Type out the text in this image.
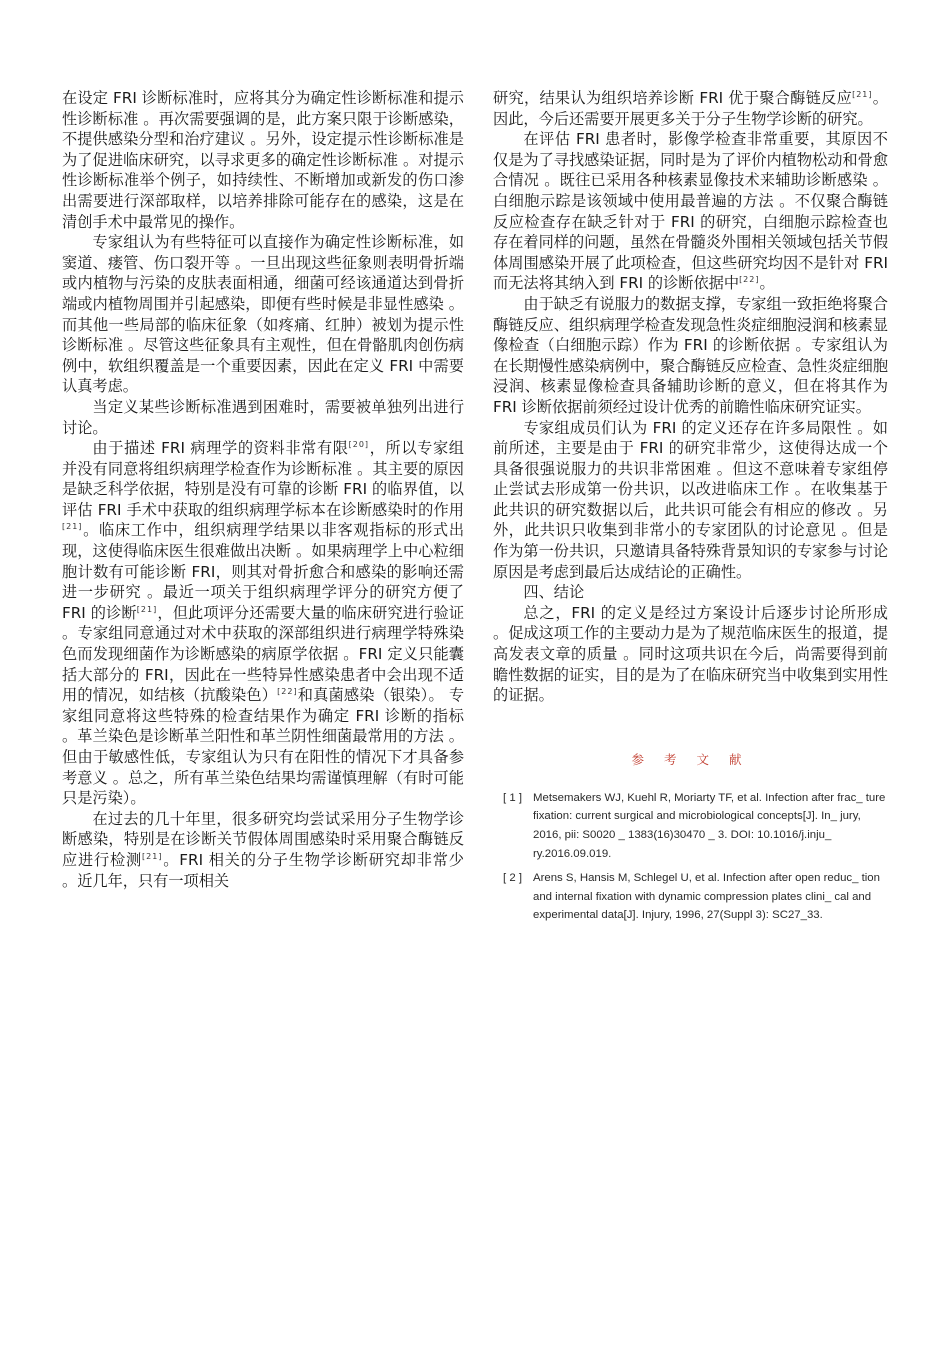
在设定 FRI 诊断标准时，应将其分为确定性诊断标准和提示性诊断标准 。再次需要强调的是，此方案只限于诊断感染，不提供感染分型和治疗建议 。另外，设定提示性诊断标准是为了促进临床研究，以寻求更多的确定性诊断标准 。对提示性诊断标准举个例子，如持续性、不断增加或新发的伤口渗出需要进行深部取样，以培养排除可能存在的感染，这是在清创手术中最常见的操作。

专家组认为有些特征可以直接作为确定性诊断标准，如窦道、瘘管、伤口裂开等 。一旦出现这些征象则表明骨折端或内植物与污染的皮肤表面相通，细菌可经该通道达到骨折端或内植物周围并引起感染，即便有些时候是非显性感染 。而其他一些局部的临床征象（如疼痛、红肿）被划为提示性诊断标准 。尽管这些征象具有主观性，但在骨骼肌肉创伤病例中，软组织覆盖是一个重要因素，因此在定义 FRI 中需要认真考虑。

当定义某些诊断标准遇到困难时，需要被单独列出进行讨论。

由于描述 FRI 病理学的资料非常有限[20]，所以专家组并没有同意将组织病理学检查作为诊断标准 。其主要的原因是缺乏科学依据，特别是没有可靠的诊断 FRI 的临界值，以评估 FRI 手术中获取的组织病理学标本在诊断感染时的作用[21]。临床工作中，组织病理学结果以非客观指标的形式出现，这使得临床医生很难做出决断 。如果病理学上中心粒细胞计数有可能诊断 FRI，则其对骨折愈合和感染的影响还需进一步研究 。最近一项关于组织病理学评分的研究方便了 FRI 的诊断[21]，但此项评分还需要大量的临床研究进行验证 。专家组同意通过对术中获取的深部组织进行病理学特殊染色而发现细菌作为诊断感染的病原学依据 。FRI 定义只能囊括大部分的 FRI，因此在一些特异性感染患者中会出现不适用的情况，如结核（抗酸染色）[22]和真菌感染（银染）。 专家组同意将这些特殊的检查结果作为确定 FRI 诊断的指标 。革兰染色是诊断革兰阳性和革兰阴性细菌最常用的方法 。但由于敏感性低，专家组认为只有在阳性的情况下才具备参考意义 。总之，所有革兰染色结果均需谨慎理解（有时可能只是污染）。

在过去的几十年里，很多研究均尝试采用分子生物学诊断感染，特别是在诊断关节假体周围感染时采用聚合酶链反应进行检测[21]。FRI 相关的分子生物学诊断研究却非常少 。近几年，只有一项相关

研究，结果认为组织培养诊断 FRI 优于聚合酶链反应[21]。因此，今后还需要开展更多关于分子生物学诊断的研究。

在评估 FRI 患者时，影像学检查非常重要，其原因不仅是为了寻找感染证据，同时是为了评价内植物松动和骨愈合情况 。既往已采用各种核素显像技术来辅助诊断感染 。 白细胞示踪是该领域中使用最普遍的方法 。不仅聚合酶链反应检查存在缺乏针对于 FRI 的研究，白细胞示踪检查也存在着同样的问题，虽然在骨髓炎外围相关领域包括关节假体周围感染开展了此项检查，但这些研究均因不是针对 FRI 而无法将其纳入到 FRI 的诊断依据中[22]。

由于缺乏有说服力的数据支撑，专家组一致拒绝将聚合酶链反应、组织病理学检查发现急性炎症细胞浸润和核素显像检查（白细胞示踪）作为 FRI 的诊断依据 。专家组认为在长期慢性感染病例中，聚合酶链反应检查、急性炎症细胞浸润、核素显像检查具备辅助诊断的意义，但在将其作为 FRI 诊断依据前须经过设计优秀的前瞻性临床研究证实。

专家组成员们认为 FRI 的定义还存在许多局限性 。如前所述，主要是由于 FRI 的研究非常少，这使得达成一个具备很强说服力的共识非常困难 。但这不意味着专家组停止尝试去形成第一份共识，以改进临床工作 。在收集基于此共识的研究数据以后，此共识可能会有相应的修改 。另外，此共识只收集到非常小的专家团队的讨论意见 。但是作为第一份共识，只邀请具备特殊背景知识的专家参与讨论原因是考虑到最后达成结论的正确性。

四、结论

总之，FRI 的定义是经过方案设计后逐步讨论所形成 。促成这项工作的主要动力是为了规范临床医生的报道，提高发表文章的质量 。同时这项共识在今后，尚需要得到前瞻性数据的证实，目的是为了在临床研究当中收集到实用性的证据。

参 考 文 献

[ 1 ] Metsemakers WJ, Kuehl R, Moriarty TF, et al. Infection after frac_ ture fixation: current surgical and microbiological concepts[J]. In_ jury, 2016, pii: S0020 _ 1383(16)30470 _ 3. DOI: 10.1016/j.inju_ ry.2016.09.019.

[ 2 ] Arens S, Hansis M, Schlegel U, et al. Infection after open reduc_ tion and internal fixation with dynamic compression plates clini_ cal and experimental data[J]. Injury, 1996, 27(Suppl 3): SC27_33.
